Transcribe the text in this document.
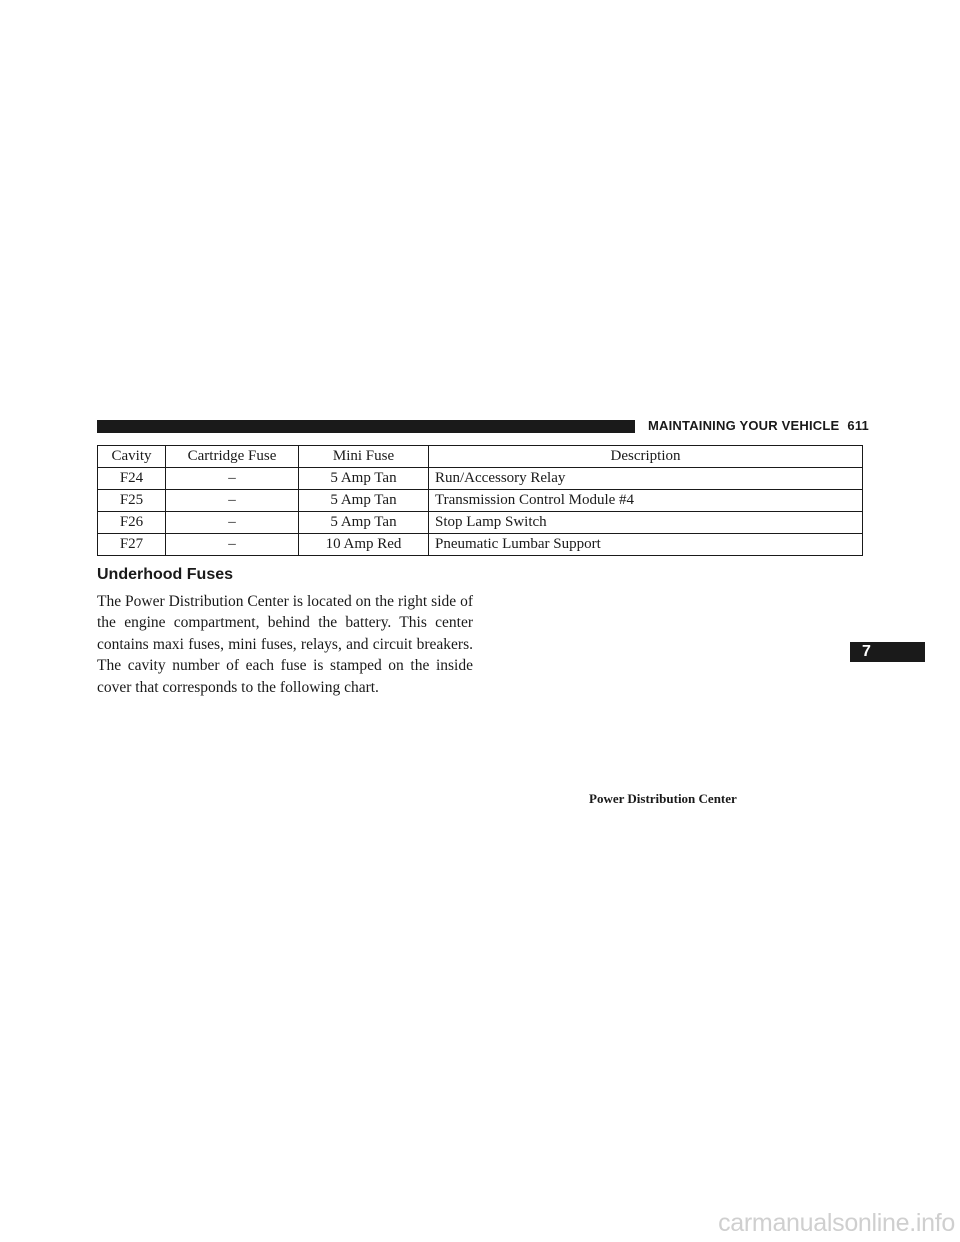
MAINTAINING YOUR VEHICLE 611
Cavity	Cartridge Fuse	Mini Fuse	Description
F24	–	5 Amp Tan	Run/Accessory Relay
F25	–	5 Amp Tan	Transmission Control Module #4
F26	–	5 Amp Tan	Stop Lamp Switch
F27	–	10 Amp Red	Pneumatic Lumbar Support
Underhood Fuses

The Power Distribution Center is located on the right side of the engine compartment, behind the battery. This center contains maxi fuses, mini fuses, relays, and circuit breakers. The cavity number of each fuse is stamped on the inside cover that corresponds to the following chart.

7
Power Distribution Center
carmanualsonline.info
